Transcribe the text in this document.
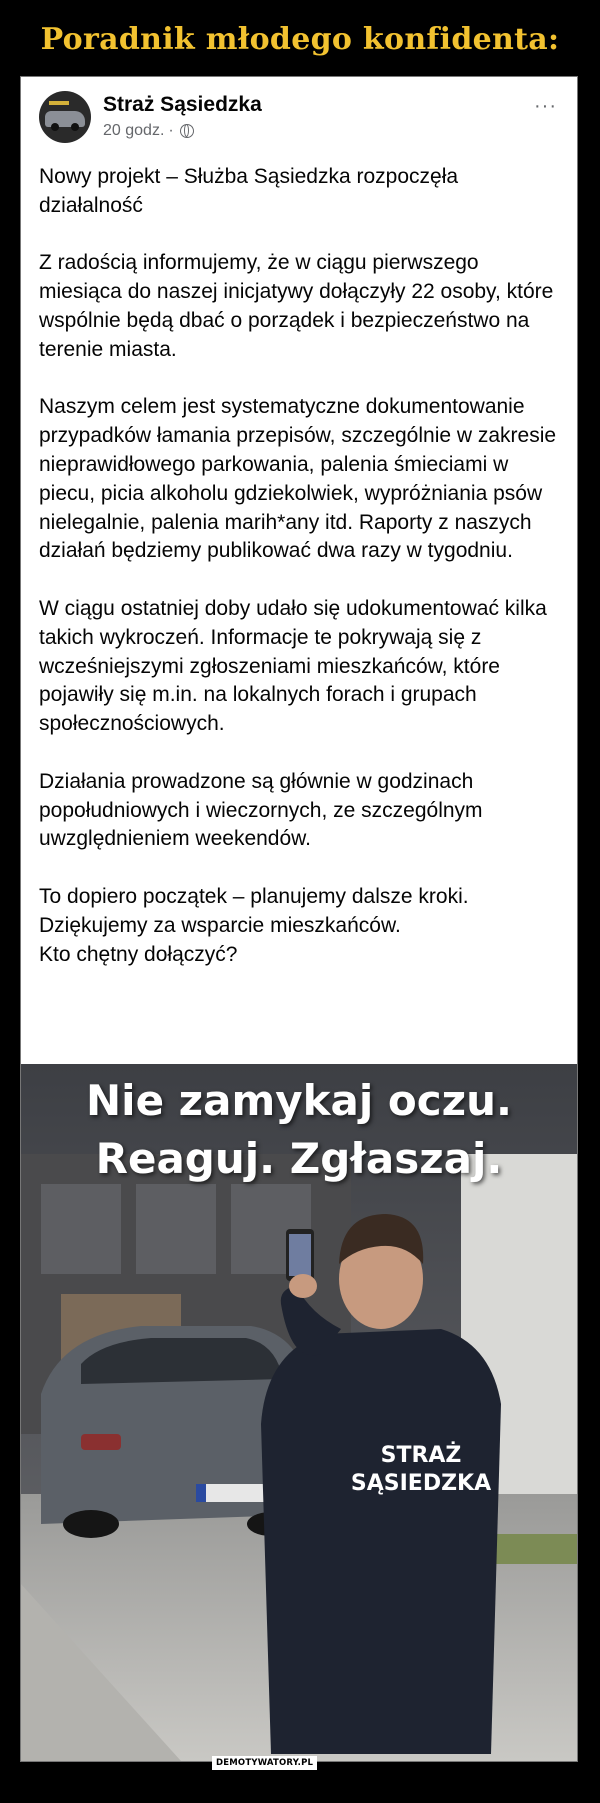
Poradnik młodego konfidenta:
Straż Sąsiedzka
20 godz. ·
···

Nowy projekt – Służba Sąsiedzka rozpoczęła działalność

Z radością informujemy, że w ciągu pierwszego miesiąca do naszej inicjatywy dołączyły 22 osoby, które wspólnie będą dbać o porządek i bezpieczeństwo na terenie miasta.

Naszym celem jest systematyczne dokumentowanie przypadków łamania przepisów, szczególnie w zakresie nieprawidłowego parkowania, palenia śmieciami w piecu, picia alkoholu gdziekolwiek, wypróżniania psów nielegalnie, palenia marih*any itd. Raporty z naszych działań będziemy publikować dwa razy w tygodniu.

W ciągu ostatniej doby udało się udokumentować kilka takich wykroczeń. Informacje te pokrywają się z wcześniejszymi zgłoszeniami mieszkańców, które pojawiły się m.in. na lokalnych forach i grupach społecznościowych.

Działania prowadzone są głównie w godzinach popołudniowych i wieczornych, ze szczególnym uwzględnieniem weekendów.

To dopiero początek – planujemy dalsze kroki.
Dziękujemy za wsparcie mieszkańców.
Kto chętny dołączyć?

Nie zamykaj oczu.
Reaguj. Zgłaszaj.
STRAŻ
SĄSIEDZKA
DEMOTYWATORY.PL
